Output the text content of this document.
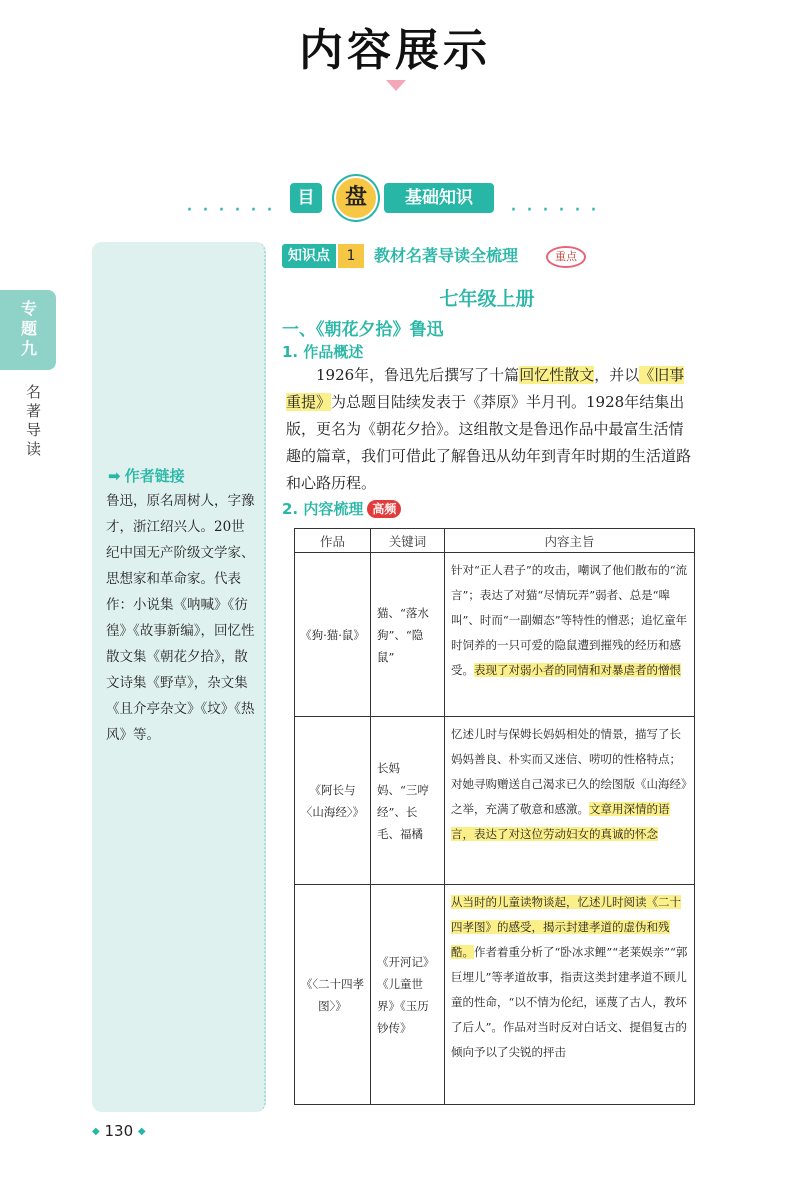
内容展示
······	······
目	盘	基础知识
专题九
名著导读
➡ 作者链接
鲁迅，原名周树人，字豫才，浙江绍兴人。20世纪中国无产阶级文学家、思想家和革命家。代表作：小说集《呐喊》《彷徨》《故事新编》，回忆性散文集《朝花夕拾》，散文诗集《野草》，杂文集《且介亭杂文》《坟》《热风》等。
知识点	1	教材名著导读全梳理	重点
七年级上册
一、《朝花夕拾》鲁迅
1. 作品概述
1926年，鲁迅先后撰写了十篇回忆性散文，并以《旧事重提》为总题目陆续发表于《莽原》半月刊。1928年结集出版，更名为《朝花夕拾》。这组散文是鲁迅作品中最富生活情趣的篇章，我们可借此了解鲁迅从幼年到青年时期的生活道路和心路历程。
2. 内容梳理 高频
作品	关键词	内容主旨
《狗·猫·鼠》	猫、“落水狗”、“隐鼠”	针对“正人君子”的攻击，嘲讽了他们散布的“流言”；表达了对猫“尽情玩弄”弱者、总是“嗥叫”、时而“一副媚态”等特性的憎恶；追忆童年时饲养的一只可爱的隐鼠遭到摧残的经历和感受。表现了对弱小者的同情和对暴虐者的憎恨
《阿长与〈山海经〉》	长妈妈、“三哼经”、长毛、福橘	忆述儿时与保姆长妈妈相处的情景，描写了长妈妈善良、朴实而又迷信、唠叨的性格特点；对她寻购赠送自己渴求已久的绘图版《山海经》之举，充满了敬意和感激。文章用深情的语言，表达了对这位劳动妇女的真诚的怀念
《〈二十四孝图〉》	《开河记》《儿童世界》《玉历钞传》	从当时的儿童读物谈起，忆述儿时阅读《二十四孝图》的感受，揭示封建孝道的虚伪和残酷。作者着重分析了“卧冰求鲤”“老莱娱亲”“郭巨埋儿”等孝道故事，指责这类封建孝道不顾儿童的性命，“以不情为伦纪，诬蔑了古人，教坏了后人”。作品对当时反对白话文、提倡复古的倾向予以了尖锐的抨击
◆ 130 ◆
